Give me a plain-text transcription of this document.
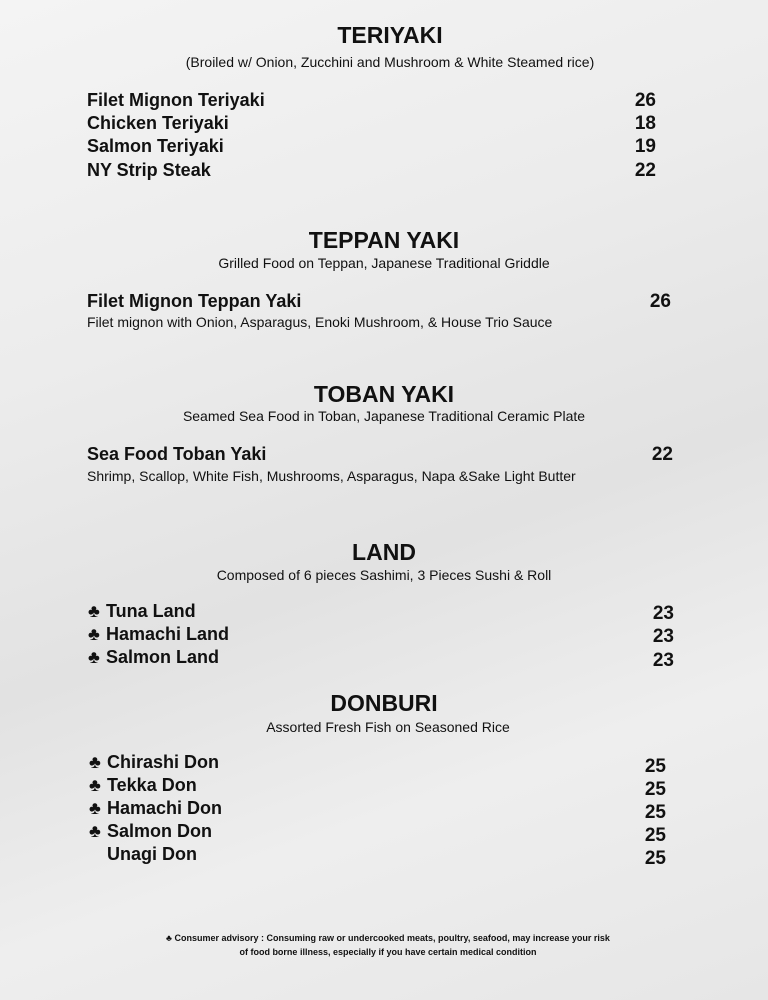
TERIYAKI
(Broiled w/ Onion, Zucchini and Mushroom & White Steamed rice)
Filet Mignon Teriyaki	26
Chicken Teriyaki	18
Salmon Teriyaki	19
NY Strip Steak	22
TEPPAN YAKI
Grilled Food on Teppan, Japanese Traditional Griddle
Filet Mignon Teppan Yaki	26
Filet mignon with Onion, Asparagus, Enoki Mushroom, & House Trio Sauce
TOBAN YAKI
Seamed Sea Food in Toban, Japanese Traditional Ceramic Plate
Sea Food Toban Yaki	22
Shrimp, Scallop, White Fish, Mushrooms, Asparagus, Napa &Sake Light Butter
LAND
Composed of 6 pieces Sashimi, 3 Pieces Sushi & Roll
♣ Tuna Land	23
♣ Hamachi Land	23
♣ Salmon Land	23
DONBURI
Assorted Fresh Fish on Seasoned Rice
♣ Chirashi Don	25
♣ Tekka Don	25
♣ Hamachi Don	25
♣ Salmon Don	25
Unagi Don	25
♣ Consumer advisory : Consuming raw or undercooked meats, poultry, seafood, may increase your risk
of food borne illness, especially if you have certain medical condition
